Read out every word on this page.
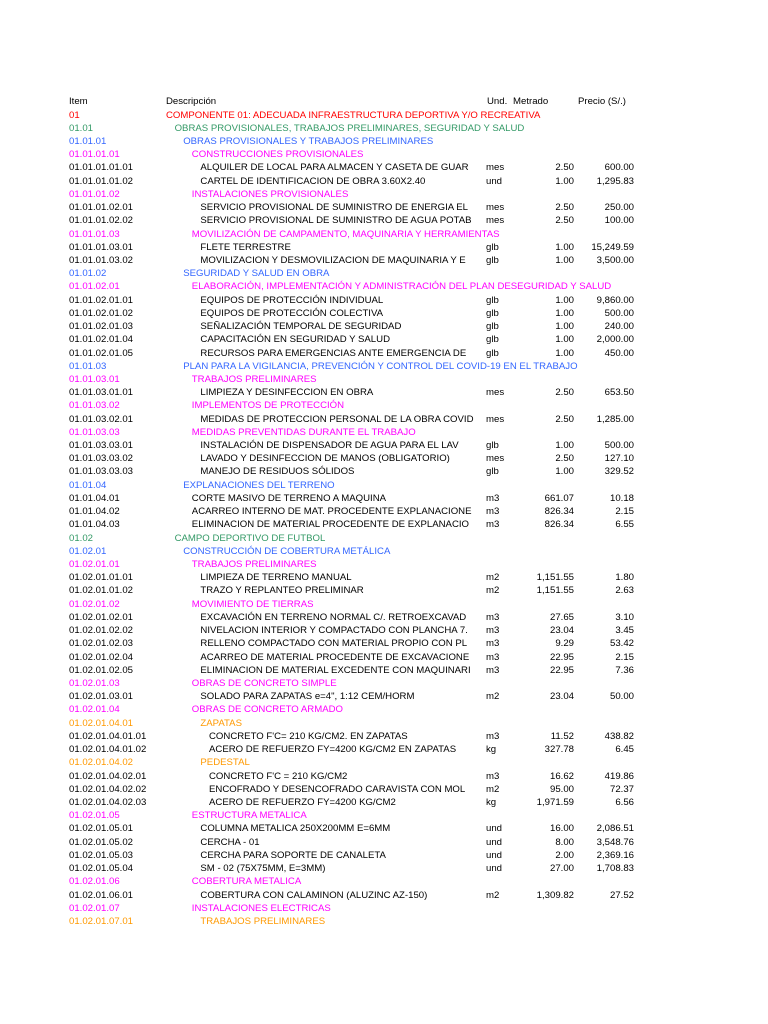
Item	Descripción	Und. Metrado	Precio (S/.)
01	COMPONENTE 01: ADECUADA INFRAESTRUCTURA DEPORTIVA Y/O RECREATIVA
01.01	OBRAS PROVISIONALES, TRABAJOS PRELIMINARES, SEGURIDAD Y SALUD
01.01.01	OBRAS PROVISIONALES Y TRABAJOS PRELIMINARES
01.01.01.01	CONSTRUCCIONES PROVISIONALES
01.01.01.01.01	ALQUILER DE LOCAL PARA ALMACEN Y CASETA DE GUAR	mes	2.50	600.00
01.01.01.01.02	CARTEL DE IDENTIFICACION DE OBRA 3.60X2.40	und	1.00	1,295.83
01.01.01.02	INSTALACIONES PROVISIONALES
01.01.01.02.01	SERVICIO PROVISIONAL DE SUMINISTRO DE ENERGIA EL	mes	2.50	250.00
01.01.01.02.02	SERVICIO PROVISIONAL DE SUMINISTRO DE AGUA POTAB	mes	2.50	100.00
01.01.01.03	MOVILIZACIÓN DE CAMPAMENTO, MAQUINARIA Y HERRAMIENTAS
01.01.01.03.01	FLETE TERRESTRE	glb	1.00	15,249.59
01.01.01.03.02	MOVILIZACION Y DESMOVILIZACION DE MAQUINARIA Y E	glb	1.00	3,500.00
01.01.02	SEGURIDAD Y SALUD EN OBRA
01.01.02.01	ELABORACIÓN, IMPLEMENTACIÓN Y ADMINISTRACIÓN DEL PLAN DESEGURIDAD Y SALUD
01.01.02.01.01	EQUIPOS DE PROTECCIÓN INDIVIDUAL	glb	1.00	9,860.00
01.01.02.01.02	EQUIPOS DE PROTECCIÓN COLECTIVA	glb	1.00	500.00
01.01.02.01.03	SEÑALIZACIÓN TEMPORAL DE SEGURIDAD	glb	1.00	240.00
01.01.02.01.04	CAPACITACIÓN EN SEGURIDAD Y SALUD	glb	1.00	2,000.00
01.01.02.01.05	RECURSOS PARA EMERGENCIAS ANTE EMERGENCIA DE	glb	1.00	450.00
01.01.03	PLAN PARA LA VIGILANCIA, PREVENCIÓN Y CONTROL DEL COVID-19 EN EL TRABAJO
01.01.03.01	TRABAJOS PRELIMINARES
01.01.03.01.01	LIMPIEZA Y DESINFECCION EN OBRA	mes	2.50	653.50
01.01.03.02	IMPLEMENTOS DE PROTECCIÓN
01.01.03.02.01	MEDIDAS DE PROTECCION PERSONAL DE LA OBRA COVID	mes	2.50	1,285.00
01.01.03.03	MEDIDAS PREVENTIDAS DURANTE EL TRABAJO
01.01.03.03.01	INSTALACIÓN DE DISPENSADOR DE AGUA PARA EL LAV	glb	1.00	500.00
01.01.03.03.02	LAVADO Y DESINFECCION DE MANOS (OBLIGATORIO)	mes	2.50	127.10
01.01.03.03.03	MANEJO DE RESIDUOS SÓLIDOS	glb	1.00	329.52
01.01.04	EXPLANACIONES DEL TERRENO
01.01.04.01	CORTE MASIVO DE TERRENO A MAQUINA	m3	661.07	10.18
01.01.04.02	ACARREO INTERNO DE MAT. PROCEDENTE EXPLANACIONE	m3	826.34	2.15
01.01.04.03	ELIMINACION DE MATERIAL PROCEDENTE DE EXPLANACIO	m3	826.34	6.55
01.02	CAMPO DEPORTIVO DE FUTBOL
01.02.01	CONSTRUCCIÓN DE COBERTURA METÁLICA
01.02.01.01	TRABAJOS PRELIMINARES
01.02.01.01.01	LIMPIEZA DE TERRENO MANUAL	m2	1,151.55	1.80
01.02.01.01.02	TRAZO Y REPLANTEO PRELIMINAR	m2	1,151.55	2.63
01.02.01.02	MOVIMIENTO DE TIERRAS
01.02.01.02.01	EXCAVACIÓN EN TERRENO NORMAL C/. RETROEXCAVAD	m3	27.65	3.10
01.02.01.02.02	NIVELACION INTERIOR Y COMPACTADO CON PLANCHA 7.	m3	23.04	3.45
01.02.01.02.03	RELLENO COMPACTADO CON MATERIAL PROPIO CON PL	m3	9.29	53.42
01.02.01.02.04	ACARREO DE MATERIAL PROCEDENTE DE EXCAVACIONE	m3	22.95	2.15
01.02.01.02.05	ELIMINACION DE MATERIAL EXCEDENTE CON MAQUINARI	m3	22.95	7.36
01.02.01.03	OBRAS DE CONCRETO SIMPLE
01.02.01.03.01	SOLADO PARA ZAPATAS e=4", 1:12 CEM/HORM	m2	23.04	50.00
01.02.01.04	OBRAS DE CONCRETO ARMADO
01.02.01.04.01	ZAPATAS
01.02.01.04.01.01	CONCRETO F'C= 210 KG/CM2. EN ZAPATAS	m3	11.52	438.82
01.02.01.04.01.02	ACERO DE REFUERZO FY=4200 KG/CM2 EN ZAPATAS	kg	327.78	6.45
01.02.01.04.02	PEDESTAL
01.02.01.04.02.01	CONCRETO F'C = 210 KG/CM2	m3	16.62	419.86
01.02.01.04.02.02	ENCOFRADO Y DESENCOFRADO CARAVISTA CON MOL	m2	95.00	72.37
01.02.01.04.02.03	ACERO DE REFUERZO FY=4200 KG/CM2	kg	1,971.59	6.56
01.02.01.05	ESTRUCTURA METALICA
01.02.01.05.01	COLUMNA METALICA 250X200MM E=6MM	und	16.00	2,086.51
01.02.01.05.02	CERCHA - 01	und	8.00	3,548.76
01.02.01.05.03	CERCHA PARA SOPORTE DE CANALETA	und	2.00	2,369.16
01.02.01.05.04	SM - 02 (75X75MM, E=3MM)	und	27.00	1,708.83
01.02.01.06	COBERTURA METALICA
01.02.01.06.01	COBERTURA CON CALAMINON (ALUZINC AZ-150)	m2	1,309.82	27.52
01.02.01.07	INSTALACIONES ELECTRICAS
01.02.01.07.01	TRABAJOS PRELIMINARES
